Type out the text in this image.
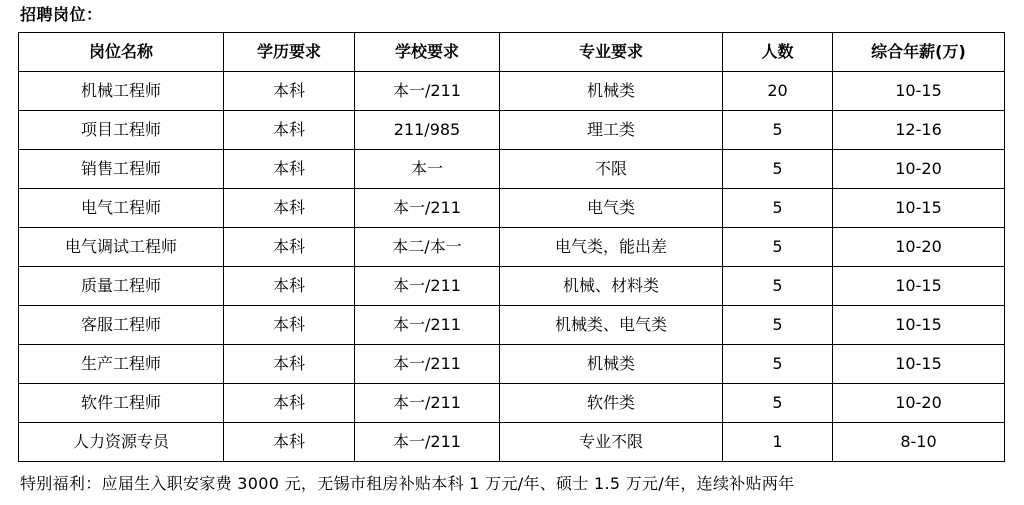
招聘岗位：
岗位名称	学历要求	学校要求	专业要求	人数	综合年薪(万)
机械工程师	本科	本一/211	机械类	20	10-15
项目工程师	本科	211/985	理工类	5	12-16
销售工程师	本科	本一	不限	5	10-20
电气工程师	本科	本一/211	电气类	5	10-15
电气调试工程师	本科	本二/本一	电气类，能出差	5	10-20
质量工程师	本科	本一/211	机械、材料类	5	10-15
客服工程师	本科	本一/211	机械类、电气类	5	10-15
生产工程师	本科	本一/211	机械类	5	10-15
软件工程师	本科	本一/211	软件类	5	10-20
人力资源专员	本科	本一/211	专业不限	1	8-10
特别福利：应届生入职安家费 3000 元，无锡市租房补贴本科 1 万元/年、硕士 1.5 万元/年，连续补贴两年
